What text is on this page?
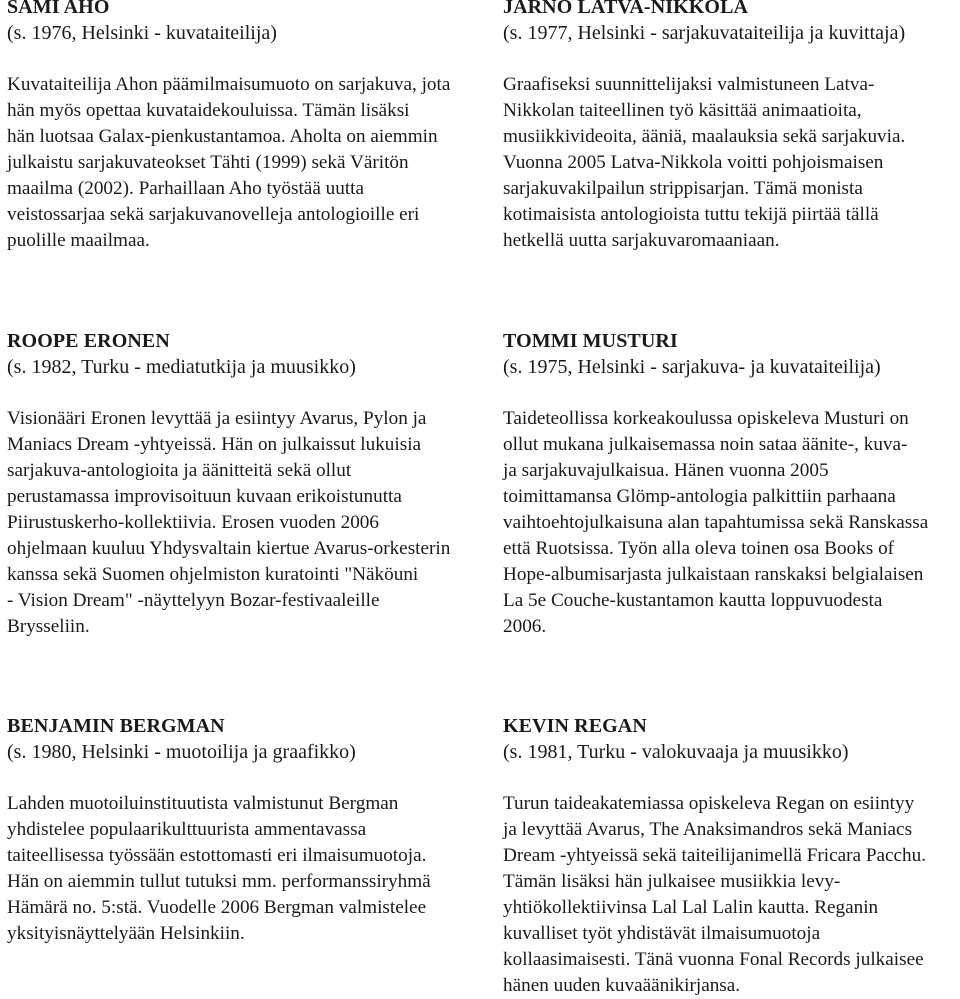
SAMI AHO

(s. 1976, Helsinki - kuvataiteilija)

Kuvataiteilija Ahon päämilmaisumuoto on sarjakuva, jota
hän myös opettaa kuvataidekouluissa. Tämän lisäksi
hän luotsaa Galax-pienkustantamoa. Aholta on aiemmin
julkaistu sarjakuvateokset Tähti (1999) sekä Väritön
maailma (2002). Parhaillaan Aho työstää uutta
veistossarjaa sekä sarjakuvanovelleja antologioille eri
puolille maailmaa.

JARNO LATVA-NIKKOLA

(s. 1977, Helsinki - sarjakuvataiteilija ja kuvittaja)

Graafiseksi suunnittelijaksi valmistuneen Latva-
Nikkolan taiteellinen työ käsittää animaatioita,
musiikkivideoita, ääniä, maalauksia sekä sarjakuvia.
Vuonna 2005 Latva-Nikkola voitti pohjoismaisen
sarjakuvakilpailun strippisarjan. Tämä monista
kotimaisista antologioista tuttu tekijä piirtää tällä
hetkellä uutta sarjakuvaromaaniaan.

ROOPE ERONEN

(s. 1982, Turku - mediatutkija ja muusikko)

Visionääri Eronen levyttää ja esiintyy Avarus, Pylon ja
Maniacs Dream -yhtyeissä. Hän on julkaissut lukuisia
sarjakuva-antologioita ja äänitteitä sekä ollut
perustamassa improvisoituun kuvaan erikoistunutta
Piirustuskerho-kollektiivia. Erosen vuoden 2006
ohjelmaan kuuluu Yhdysvaltain kiertue Avarus-orkesterin
kanssa sekä Suomen ohjelmiston kuratointi "Näköuni
- Vision Dream" -näyttelyyn Bozar-festivaaleille
Brysseliin.

TOMMI MUSTURI

(s. 1975, Helsinki - sarjakuva- ja kuvataiteilija)

Taideteollissa korkeakoulussa opiskeleva Musturi on
ollut mukana julkaisemassa noin sataa äänite-, kuva-
ja sarjakuvajulkaisua. Hänen vuonna 2005
toimittamansa Glömp-antologia palkittiin parhaana
vaihtoehtojulkaisuna alan tapahtumissa sekä Ranskassa
että Ruotsissa. Työn alla oleva toinen osa Books of
Hope-albumisarjasta julkaistaan ranskaksi belgialaisen
La 5e Couche-kustantamon kautta loppuvuodesta
2006.

BENJAMIN BERGMAN

(s. 1980, Helsinki - muotoilija ja graafikko)

Lahden muotoiluinstituutista valmistunut Bergman
yhdistelee populaarikulttuurista ammentavassa
taiteellisessa työssään estottomasti eri ilmaisumuotoja.
Hän on aiemmin tullut tutuksi mm. performanssiryhmä
Hämärä no. 5:stä. Vuodelle 2006 Bergman valmistelee
yksityisnäyttelyään Helsinkiin.

KEVIN REGAN

(s. 1981, Turku - valokuvaaja ja muusikko)

Turun taideakatemiassa opiskeleva Regan on esiintyy
ja levyttää Avarus, The Anaksimandros sekä Maniacs
Dream -yhtyeissä sekä taiteilijanimellä Fricara Pacchu.
Tämän lisäksi hän julkaisee musiikkia levy-
yhtiökollektiivinsa Lal Lal Lalin kautta. Reganin
kuvalliset työt yhdistävät ilmaisumuotoja
kollaasimaisesti. Tänä vuonna Fonal Records julkaisee
hänen uuden kuvaäänikirjansa.
